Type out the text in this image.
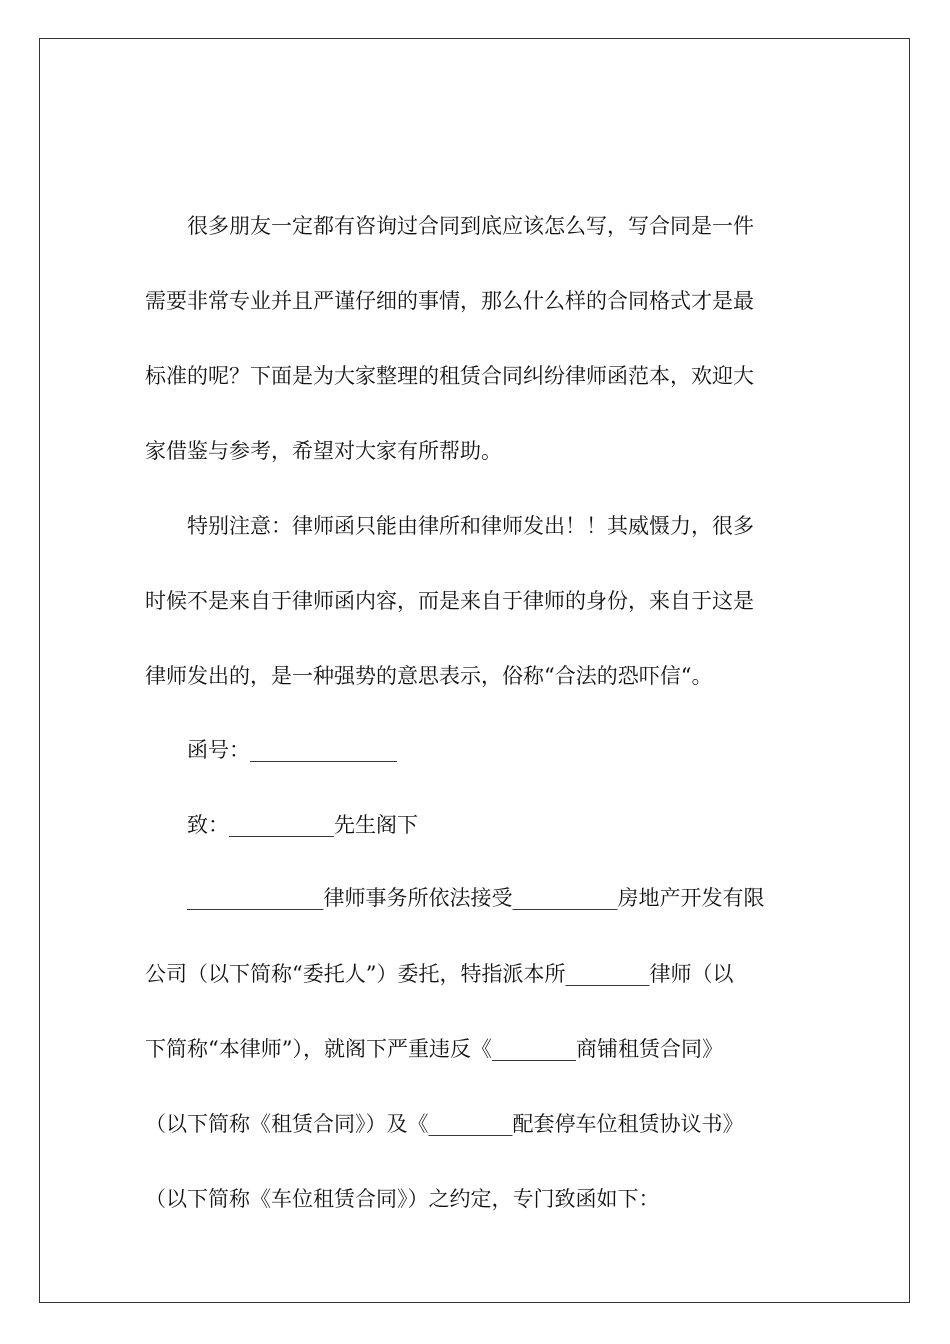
　　很多朋友一定都有咨询过合同到底应该怎么写，写合同是一件

需要非常专业并且严谨仔细的事情，那么什么样的合同格式才是最

标准的呢？下面是为大家整理的租赁合同纠纷律师函范本，欢迎大

家借鉴与参考，希望对大家有所帮助。

　　特别注意：律师函只能由律所和律师发出！！其威慑力，很多

时候不是来自于律师函内容，而是来自于律师的身份，来自于这是

律师发出的，是一种强势的意思表示，俗称“合法的恐吓信“。

　　函号：______________

　　致：__________先生阁下

　　_____________律师事务所依法接受__________房地产开发有限

公司（以下简称“委托人”）委托，特指派本所________律师（以

下简称“本律师”），就阁下严重违反《________商铺租赁合同》

（以下简称《租赁合同》）及《________配套停车位租赁协议书》

（以下简称《车位租赁合同》）之约定，专门致函如下：
